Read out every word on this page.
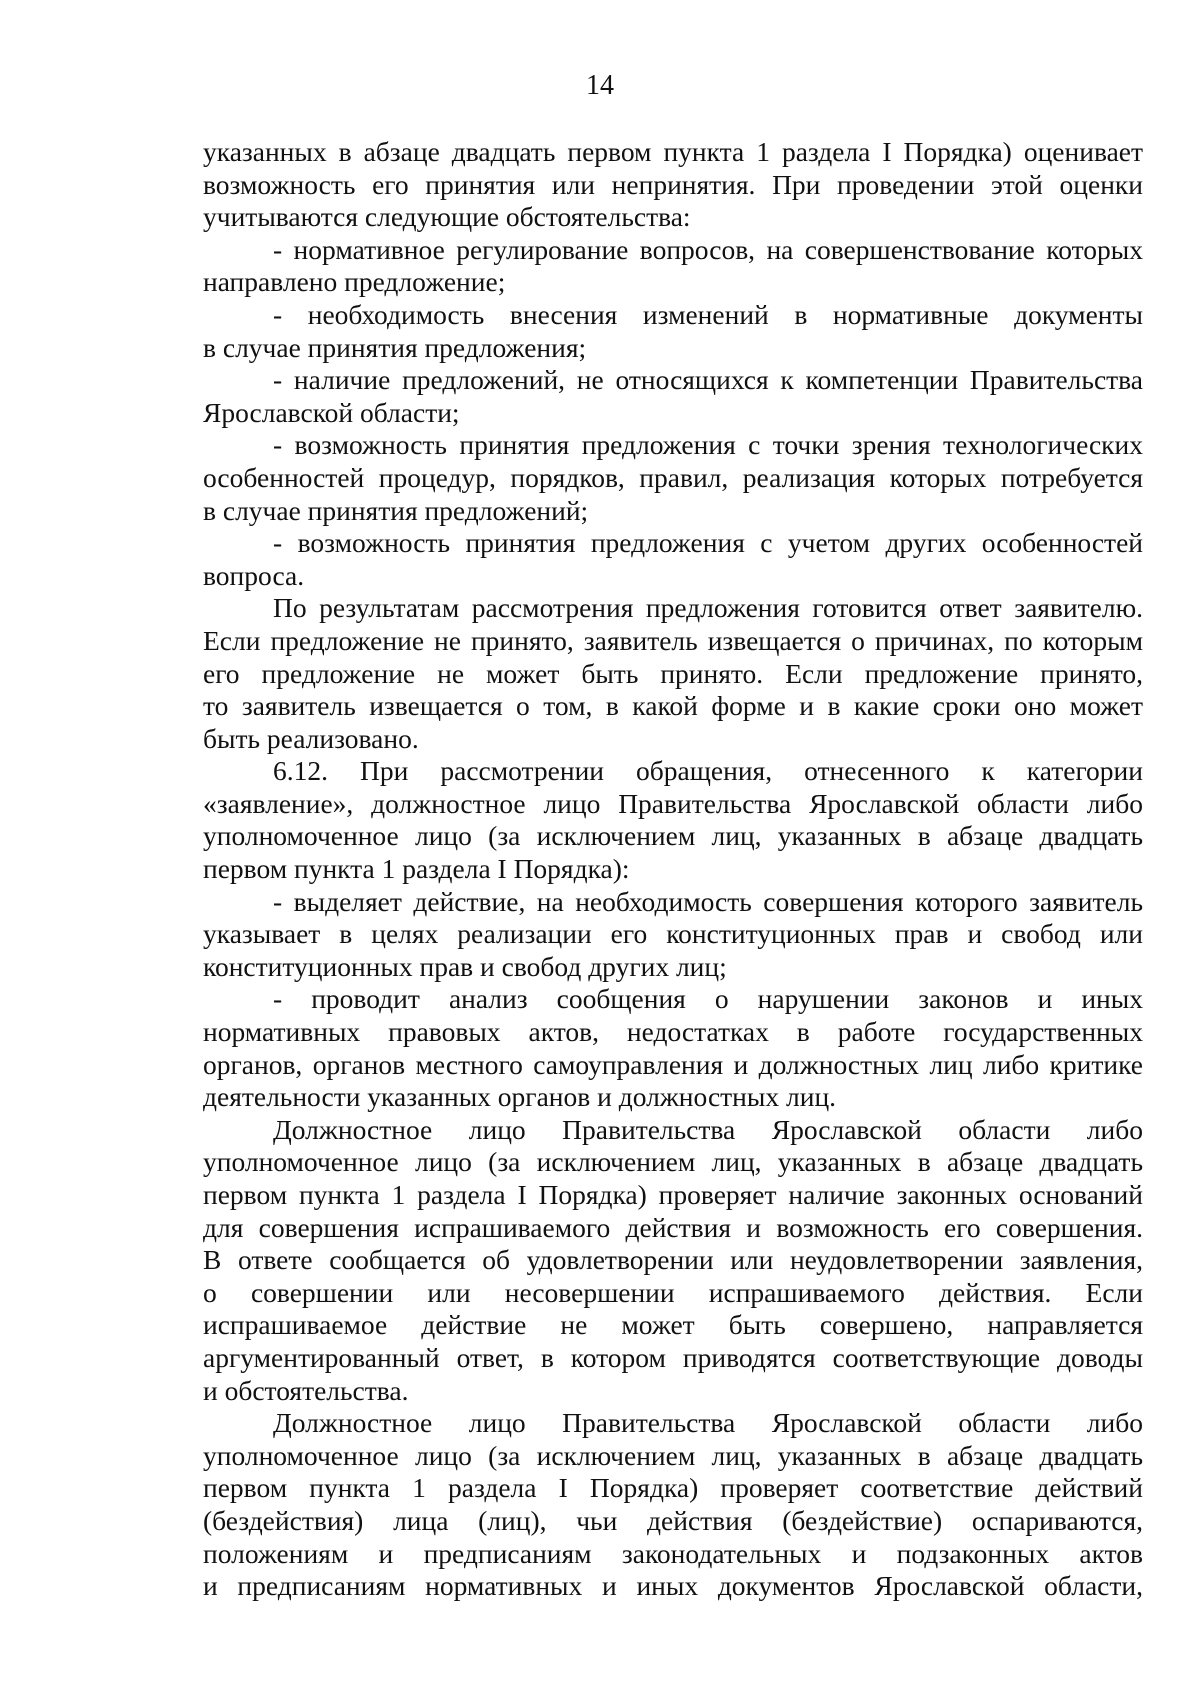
14
указанных в абзаце двадцать первом пункта 1 раздела I Порядка) оценивает
возможность его принятия или непринятия. При проведении этой оценки
учитываются следующие обстоятельства:
- нормативное регулирование вопросов, на совершенствование которых
направлено предложение;
- необходимость внесения изменений в нормативные документы
в случае принятия предложения;
- наличие предложений, не относящихся к компетенции Правительства
Ярославской области;
- возможность принятия предложения с точки зрения технологических
особенностей процедур, порядков, правил, реализация которых потребуется
в случае принятия предложений;
- возможность принятия предложения с учетом других особенностей
вопроса.
По результатам рассмотрения предложения готовится ответ заявителю.
Если предложение не принято, заявитель извещается о причинах, по которым
его предложение не может быть принято. Если предложение принято,
то заявитель извещается о том, в какой форме и в какие сроки оно может
быть реализовано.
6.12. При рассмотрении обращения, отнесенного к категории
«заявление», должностное лицо Правительства Ярославской области либо
уполномоченное лицо (за исключением лиц, указанных в абзаце двадцать
первом пункта 1 раздела I Порядка):
- выделяет действие, на необходимость совершения которого заявитель
указывает в целях реализации его конституционных прав и свобод или
конституционных прав и свобод других лиц;
- проводит анализ сообщения о нарушении законов и иных
нормативных правовых актов, недостатках в работе государственных
органов, органов местного самоуправления и должностных лиц либо критике
деятельности указанных органов и должностных лиц.
Должностное лицо Правительства Ярославской области либо
уполномоченное лицо (за исключением лиц, указанных в абзаце двадцать
первом пункта 1 раздела I Порядка) проверяет наличие законных оснований
для совершения испрашиваемого действия и возможность его совершения.
В ответе сообщается об удовлетворении или неудовлетворении заявления,
о совершении или несовершении испрашиваемого действия. Если
испрашиваемое действие не может быть совершено, направляется
аргументированный ответ, в котором приводятся соответствующие доводы
и обстоятельства.
Должностное лицо Правительства Ярославской области либо
уполномоченное лицо (за исключением лиц, указанных в абзаце двадцать
первом пункта 1 раздела I Порядка) проверяет соответствие действий
(бездействия) лица (лиц), чьи действия (бездействие) оспариваются,
положениям и предписаниям законодательных и подзаконных актов
и предписаниям нормативных и иных документов Ярославской области,
